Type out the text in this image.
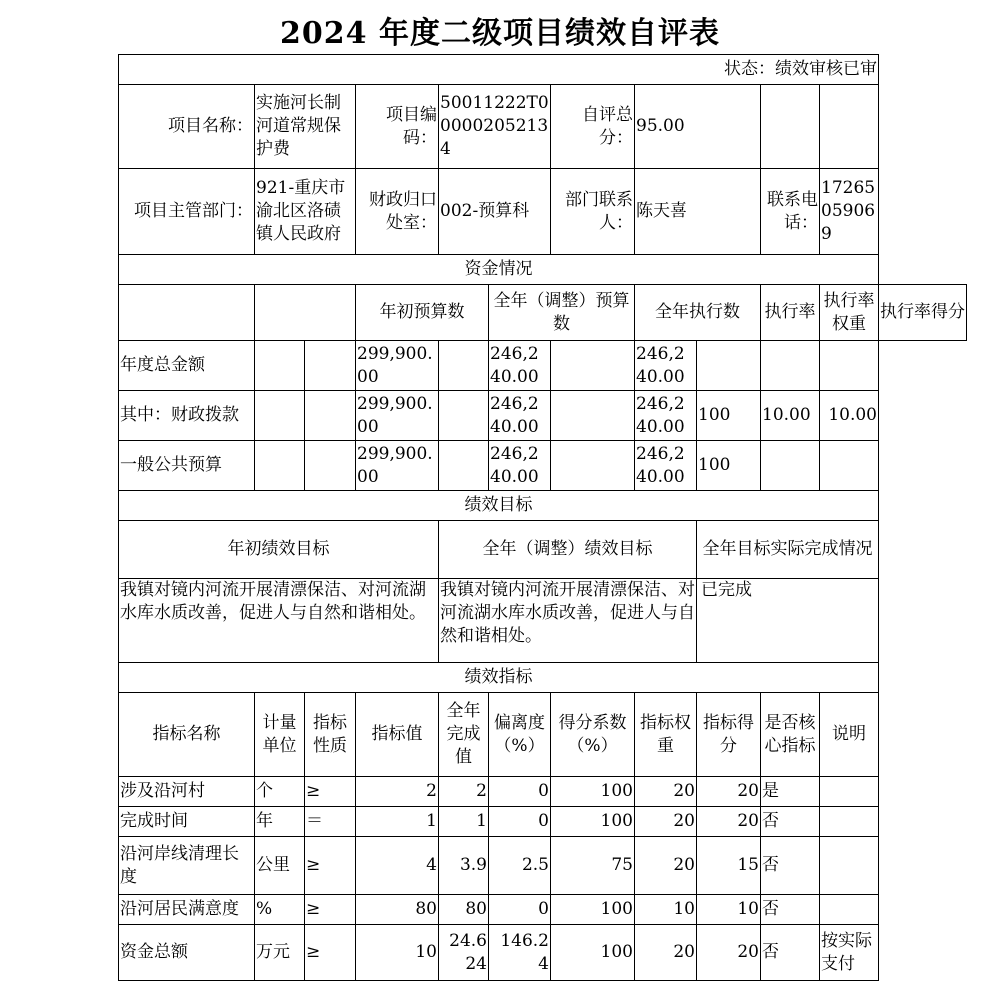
2024 年度二级项目绩效自评表
状态：绩效审核已审											
项目名称：	实施河长制河道常规保护费		项目编码：	50011222T000002052134		自评总分：	95.00				
项目主管部门：	921-重庆市渝北区洛碛镇人民政府		财政归口处室：	002-预算科		部门联系人：	陈天喜		联系电话：	17265059069	
资金情况											
			年初预算数		全年（调整）预算数		全年执行数		执行率	执行率权重	执行率得分
年度总金额			299,900.00		246,240.00		246,240.00				
其中：财政拨款			299,900.00		246,240.00		246,240.00	100	10.00	10.00	
一般公共预算			299,900.00		246,240.00		246,240.00	100			
绩效目标											
年初绩效目标				全年（调整）绩效目标				全年目标实际完成情况			
我镇对镜内河流开展清漂保洁、对河流湖水库水质改善，促进人与自然和谐相处。				我镇对镜内河流开展清漂保洁、对河流湖水库水质改善，促进人与自然和谐相处。				已完成			
绩效指标											
指标名称	计量单位	指标性质	指标值	全年完成值	偏离度（%）	得分系数（%）	指标权重	指标得分	是否核心指标	说明	
涉及沿河村	个	≥	2	2	0	100	20	20	是		
完成时间	年	＝	1	1	0	100	20	20	否		
沿河岸线清理长度	公里	≥	4	3.9	2.5	75	20	15	否		
沿河居民满意度	%	≥	80	80	0	100	10	10	否		
资金总额	万元	≥	10	24.624	146.24	100	20	20	否	按实际支付	
